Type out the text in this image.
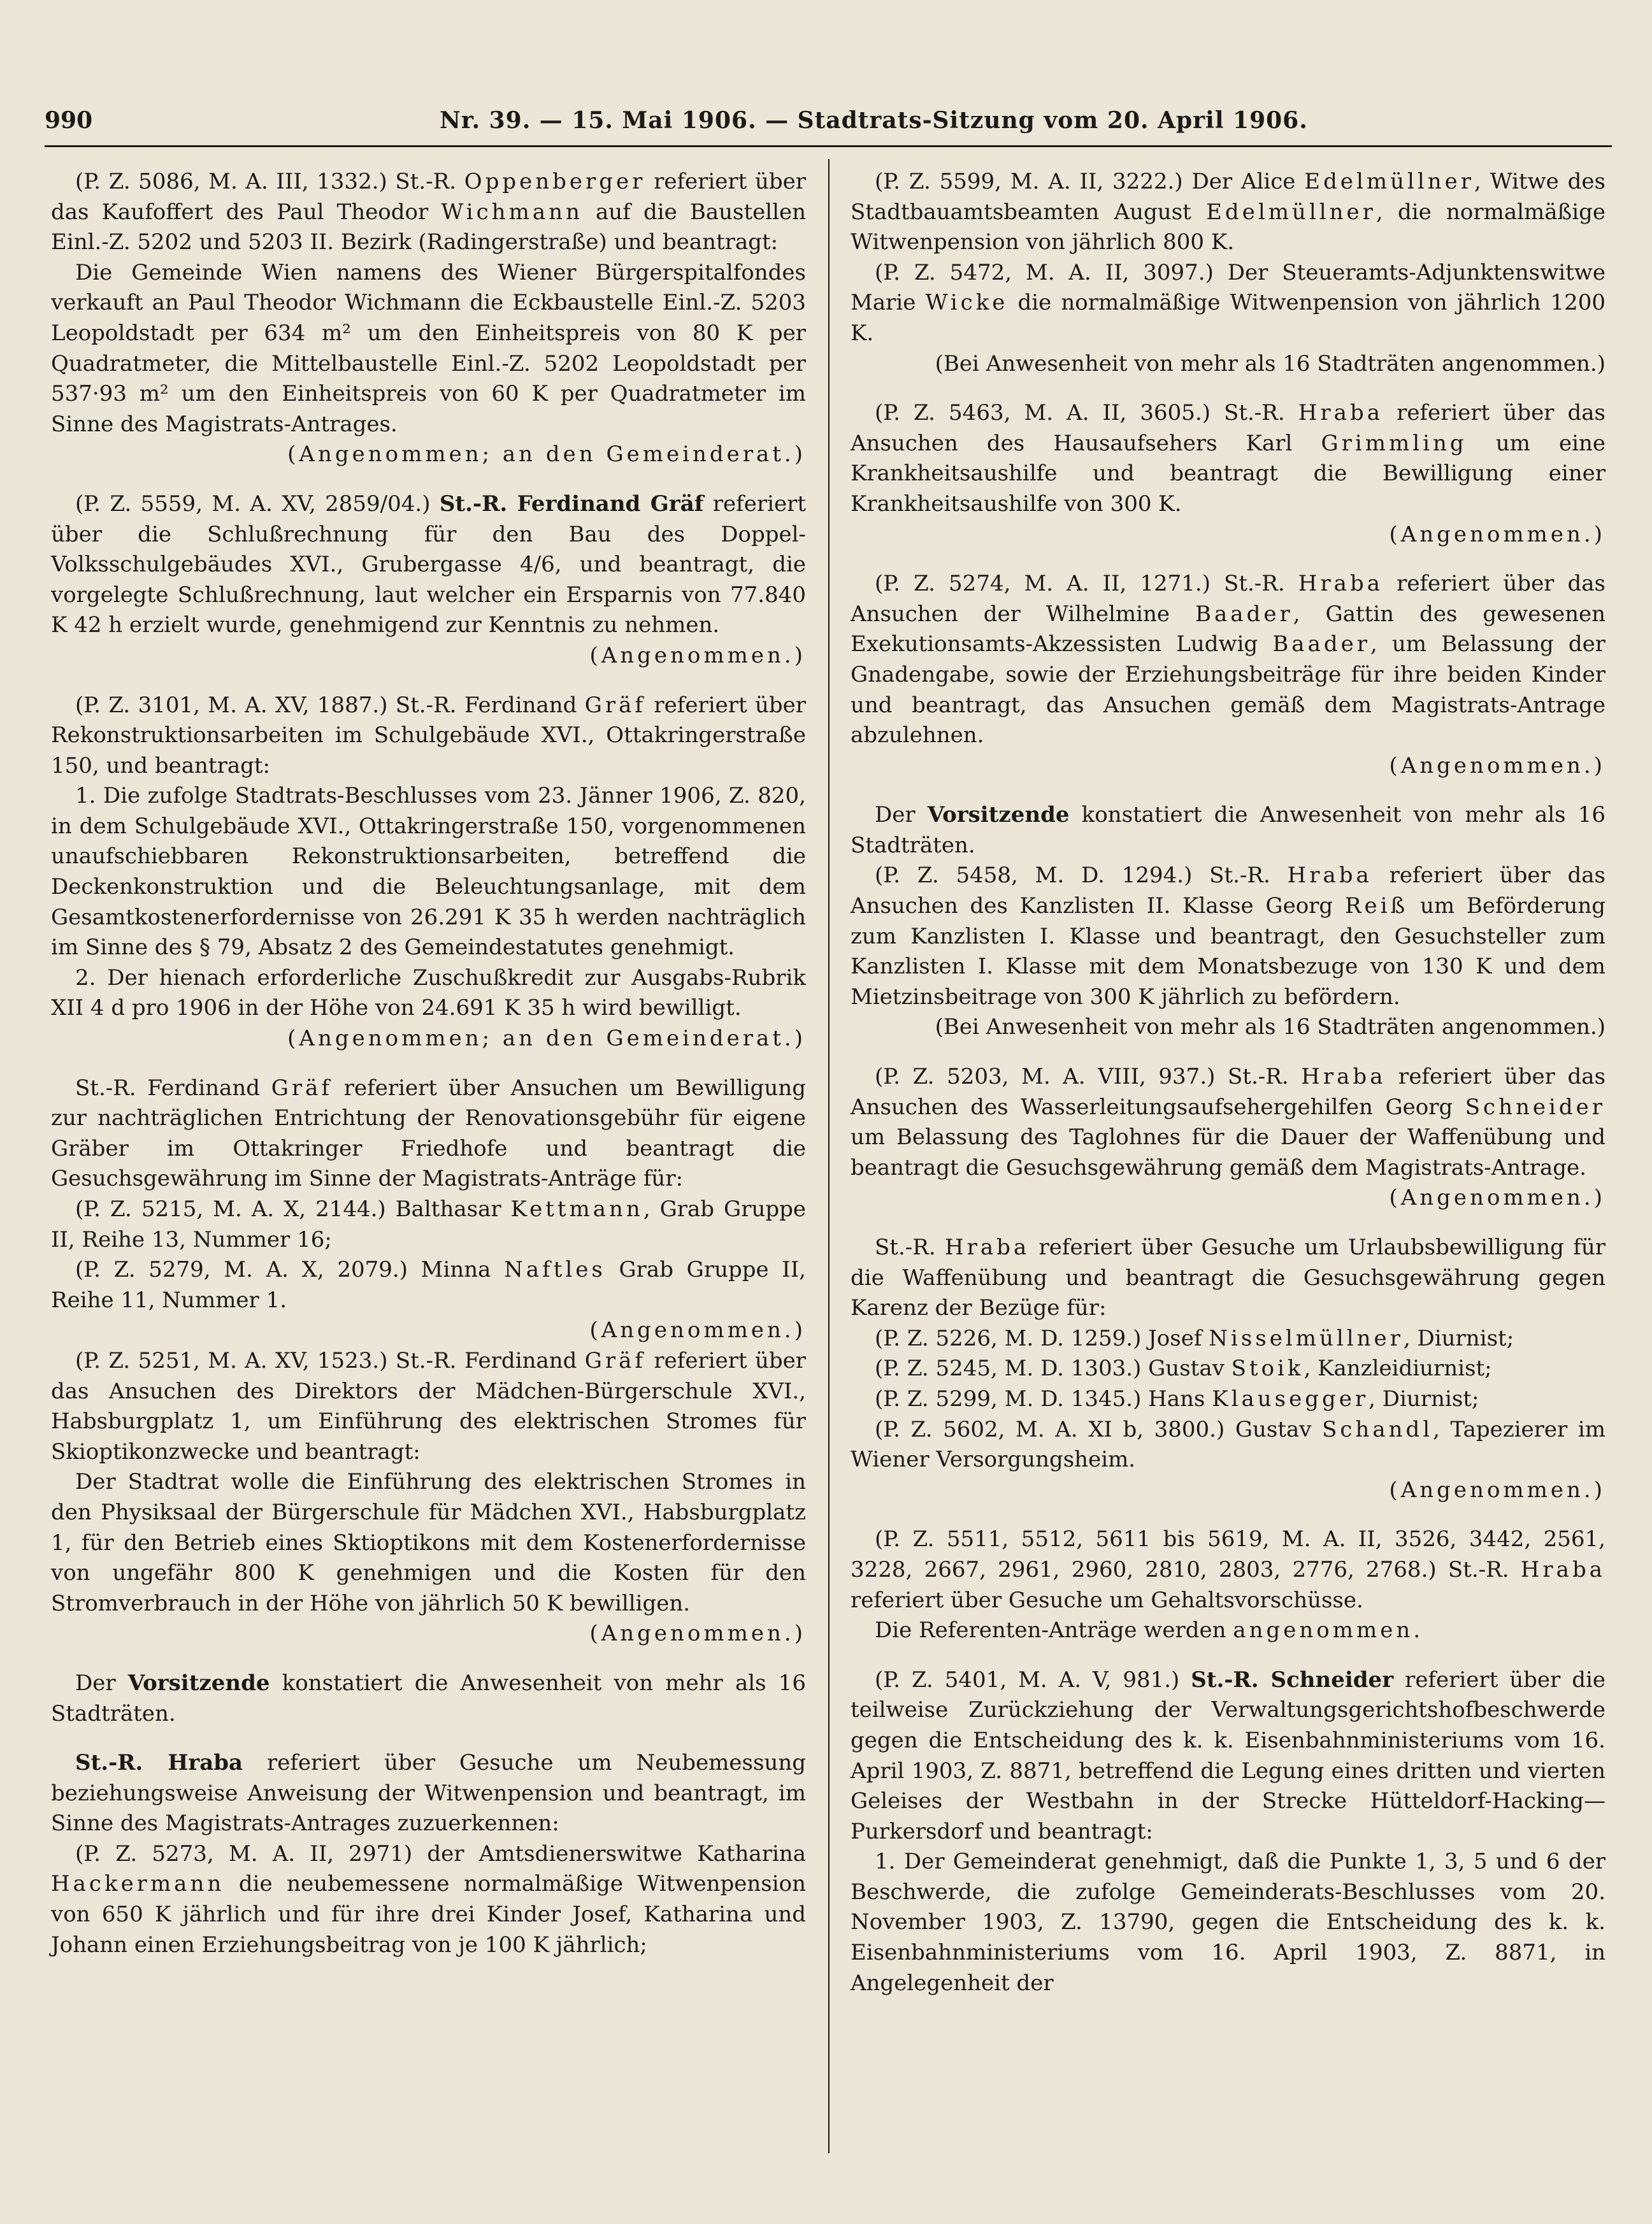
990	Nr. 39. — 15. Mai 1906. — Stadtrats-Sitzung vom 20. April 1906.

(P. Z. 5086, M. A. III, 1332.) St.-R. Oppenberger referiert über das Kaufoffert des Paul Theodor Wichmann auf die Baustellen Einl.-Z. 5202 und 5203 II. Bezirk (Radingerstraße) und beantragt:

Die Gemeinde Wien namens des Wiener Bürgerspitalfondes verkauft an Paul Theodor Wichmann die Eckbaustelle Einl.-Z. 5203 Leopoldstadt per 634 m² um den Einheitspreis von 80 K per Quadratmeter, die Mittelbaustelle Einl.-Z. 5202 Leopoldstadt per 537·93 m² um den Einheitspreis von 60 K per Quadratmeter im Sinne des Magistrats-Antrages.

(Angenommen; an den Gemeinderat.)

(P. Z. 5559, M. A. XV, 2859/04.) St.-R. Ferdinand Gräf referiert über die Schlußrechnung für den Bau des Doppel-Volksschulgebäudes XVI., Grubergasse 4/6, und beantragt, die vorgelegte Schlußrechnung, laut welcher ein Ersparnis von 77.840 K 42 h erzielt wurde, genehmigend zur Kenntnis zu nehmen.

(Angenommen.)

(P. Z. 3101, M. A. XV, 1887.) St.-R. Ferdinand Gräf referiert über Rekonstruktionsarbeiten im Schulgebäude XVI., Ottakringerstraße 150, und beantragt:

1. Die zufolge Stadtrats-Beschlusses vom 23. Jänner 1906, Z. 820, in dem Schulgebäude XVI., Ottakringerstraße 150, vorgenommenen unaufschiebbaren Rekonstruktionsarbeiten, betreffend die Deckenkonstruktion und die Beleuchtungsanlage, mit dem Gesamtkostenerfordernisse von 26.291 K 35 h werden nachträglich im Sinne des § 79, Absatz 2 des Gemeindestatutes genehmigt.

2. Der hienach erforderliche Zuschußkredit zur Ausgabs-Rubrik XII 4 d pro 1906 in der Höhe von 24.691 K 35 h wird bewilligt.

(Angenommen; an den Gemeinderat.)

St.-R. Ferdinand Gräf referiert über Ansuchen um Bewilligung zur nachträglichen Entrichtung der Renovationsgebühr für eigene Gräber im Ottakringer Friedhofe und beantragt die Gesuchsgewährung im Sinne der Magistrats-Anträge für:

(P. Z. 5215, M. A. X, 2144.) Balthasar Kettmann, Grab Gruppe II, Reihe 13, Nummer 16;

(P. Z. 5279, M. A. X, 2079.) Minna Naftles Grab Gruppe II, Reihe 11, Nummer 1.

(Angenommen.)

(P. Z. 5251, M. A. XV, 1523.) St.-R. Ferdinand Gräf referiert über das Ansuchen des Direktors der Mädchen-Bürgerschule XVI., Habsburgplatz 1, um Einführung des elektrischen Stromes für Skioptikonzwecke und beantragt:

Der Stadtrat wolle die Einführung des elektrischen Stromes in den Physiksaal der Bürgerschule für Mädchen XVI., Habsburgplatz 1, für den Betrieb eines Sktioptikons mit dem Kostenerfordernisse von ungefähr 800 K genehmigen und die Kosten für den Stromverbrauch in der Höhe von jährlich 50 K bewilligen.

(Angenommen.)

Der Vorsitzende konstatiert die Anwesenheit von mehr als 16 Stadträten.

St.-R. Hraba referiert über Gesuche um Neubemessung beziehungsweise Anweisung der Witwenpension und beantragt, im Sinne des Magistrats-Antrages zuzuerkennen:

(P. Z. 5273, M. A. II, 2971) der Amtsdienerswitwe Katharina Hackermann die neubemessene normalmäßige Witwenpension von 650 K jährlich und für ihre drei Kinder Josef, Katharina und Johann einen Erziehungsbeitrag von je 100 K jährlich;

(P. Z. 5599, M. A. II, 3222.) Der Alice Edelmüllner, Witwe des Stadtbauamtsbeamten August Edelmüllner, die normalmäßige Witwenpension von jährlich 800 K.

(P. Z. 5472, M. A. II, 3097.) Der Steueramts-Adjunktenswitwe Marie Wicke die normalmäßige Witwenpension von jährlich 1200 K.

(Bei Anwesenheit von mehr als 16 Stadträten angenommen.)

(P. Z. 5463, M. A. II, 3605.) St.-R. Hraba referiert über das Ansuchen des Hausaufsehers Karl Grimmling um eine Krankheitsaushilfe und beantragt die Bewilligung einer Krankheitsaushilfe von 300 K.

(Angenommen.)

(P. Z. 5274, M. A. II, 1271.) St.-R. Hraba referiert über das Ansuchen der Wilhelmine Baader, Gattin des gewesenen Exekutionsamts-Akzessisten Ludwig Baader, um Belassung der Gnadengabe, sowie der Erziehungsbeiträge für ihre beiden Kinder und beantragt, das Ansuchen gemäß dem Magistrats-Antrage abzulehnen.

(Angenommen.)

Der Vorsitzende konstatiert die Anwesenheit von mehr als 16 Stadträten.

(P. Z. 5458, M. D. 1294.) St.-R. Hraba referiert über das Ansuchen des Kanzlisten II. Klasse Georg Reiß um Beförderung zum Kanzlisten I. Klasse und beantragt, den Gesuchsteller zum Kanzlisten I. Klasse mit dem Monatsbezuge von 130 K und dem Mietzinsbeitrage von 300 K jährlich zu befördern.

(Bei Anwesenheit von mehr als 16 Stadträten angenommen.)

(P. Z. 5203, M. A. VIII, 937.) St.-R. Hraba referiert über das Ansuchen des Wasserleitungsaufsehergehilfen Georg Schneider um Belassung des Taglohnes für die Dauer der Waffenübung und beantragt die Gesuchsgewährung gemäß dem Magistrats-Antrage.

(Angenommen.)

St.-R. Hraba referiert über Gesuche um Urlaubsbewilligung für die Waffenübung und beantragt die Gesuchsgewährung gegen Karenz der Bezüge für:

(P. Z. 5226, M. D. 1259.) Josef Nisselmüllner, Diurnist;

(P. Z. 5245, M. D. 1303.) Gustav Stoik, Kanzleidiurnist;

(P. Z. 5299, M. D. 1345.) Hans Klausegger, Diurnist;

(P. Z. 5602, M. A. XI b, 3800.) Gustav Schandl, Tapezierer im Wiener Versorgungsheim.

(Angenommen.)

(P. Z. 5511, 5512, 5611 bis 5619, M. A. II, 3526, 3442, 2561, 3228, 2667, 2961, 2960, 2810, 2803, 2776, 2768.) St.-R. Hraba referiert über Gesuche um Gehaltsvorschüsse.

Die Referenten-Anträge werden angenommen.

(P. Z. 5401, M. A. V, 981.) St.-R. Schneider referiert über die teilweise Zurückziehung der Verwaltungsgerichtshofbeschwerde gegen die Entscheidung des k. k. Eisenbahnministeriums vom 16. April 1903, Z. 8871, betreffend die Legung eines dritten und vierten Geleises der Westbahn in der Strecke Hütteldorf-Hacking—Purkersdorf und beantragt:

1. Der Gemeinderat genehmigt, daß die Punkte 1, 3, 5 und 6 der Beschwerde, die zufolge Gemeinderats-Beschlusses vom 20. November 1903, Z. 13790, gegen die Entscheidung des k. k. Eisenbahnministeriums vom 16. April 1903, Z. 8871, in Angelegenheit der
